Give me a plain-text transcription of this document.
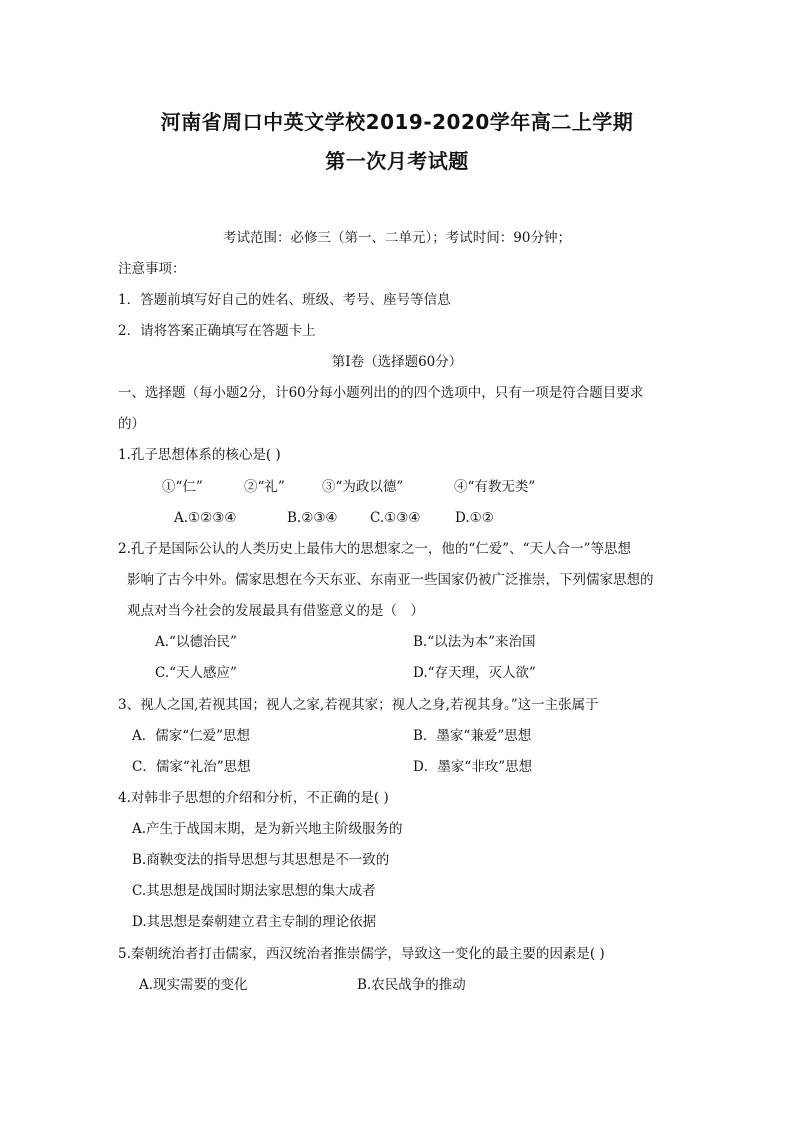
河南省周口中英文学校2019-2020学年高二上学期
第一次月考试题
考试范围：必修三（第一、二单元）；考试时间：90分钟；
注意事项：
1．答题前填写好自己的姓名、班级、考号、座号等信息
2．请将答案正确填写在答题卡上
第Ⅰ卷（选择题60分）
一、选择题（每小题2分，计60分每小题列出的的四个选项中，只有一项是符合题目要求
的）
1.孔子思想体系的核心是( )
①“仁”	②“礼”	③“为政以德”	④“有教无类”
A.①②③④	B.②③④ C.①③④	D.①②
2.孔子是国际公认的人类历史上最伟大的思想家之一，他的“仁爱”、“天人合一”等思想
影响了古今中外。儒家思想在今天东亚、东南亚一些国家仍被广泛推崇，下列儒家思想的
观点对当今社会的发展最具有借鉴意义的是（　）
A.“以德治民”	B.“以法为本”来治国
C.“天人感应”	D.“存天理，灭人欲”
3、视人之国,若视其国；视人之家,若视其家；视人之身,若视其身。”这一主张属于
A．儒家“仁爱”思想	B．墨家“兼爱”思想
C．儒家“礼治”思想	D．墨家“非玫”思想
4.对韩非子思想的介绍和分析，不正确的是( )
A.产生于战国末期，是为新兴地主阶级服务的
B.商鞅变法的指导思想与其思想是不一致的
C.其思想是战国时期法家思想的集大成者
D.其思想是秦朝建立君主专制的理论依据
5.秦朝统治者打击儒家，西汉统治者推崇儒学，导致这一变化的最主要的因素是( )
A.现实需要的变化	B.农民战争的推动
